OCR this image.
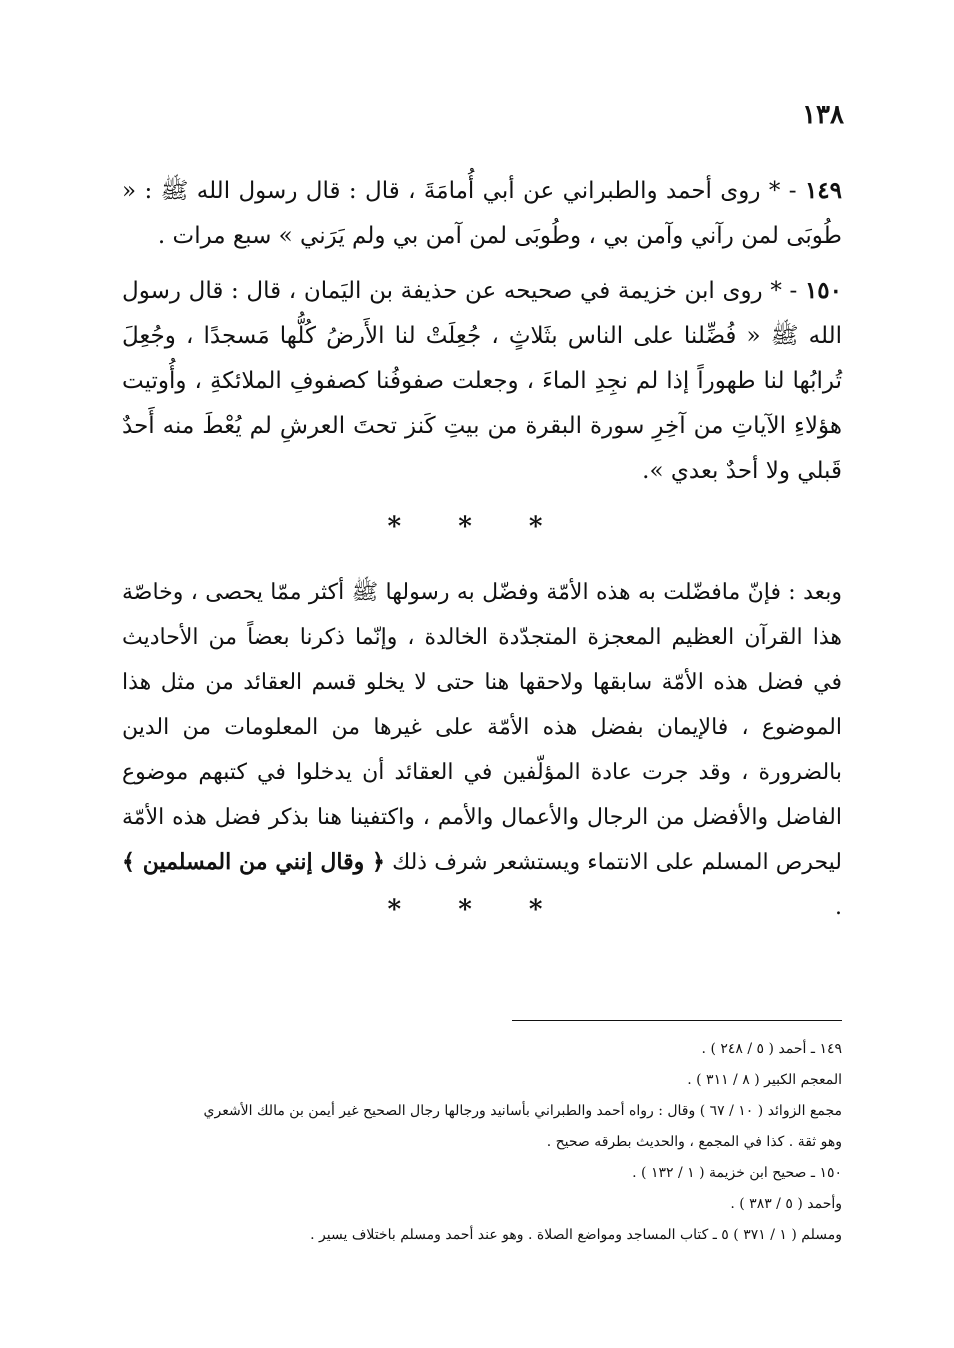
١٣٨

١٤٩ - * روى أحمد والطبراني عن أبي أُمامَةَ ، قال : قال رسول الله ﷺ : « طُوبَى لمن رآني وآمن بي ، وطُوبَى لمن آمن بي ولم يَرَني » سبع مرات .

١٥٠ - * روى ابن خزيمة في صحيحه عن حذيفة بن اليَمان ، قال : قال رسول الله ﷺ « فُضِّلنا على الناس بثَلاثٍ ، جُعِلَتْ لنا الأَرضُ كُلُّها مَسجدًا ، وجُعِلَ تُرابُها لنا طهوراً إذا لم نجِدِ الماءَ ، وجعلت صفوفُنا كصفوفِ الملائكةِ ، وأُوتيت هؤلاءِ الآياتِ من آخِرِ سورة البقرة من بيتِ كَنز تحتَ العرشِ لم يُعْطَ منه أَحدٌ قَبلي ولا أحدٌ بعدي ».

* * *

وبعد : فإنّ مافضّلت به هذه الأمّة وفضّل به رسولها ﷺ أكثر ممّا يحصى ، وخاصّة هذا القرآن العظيم المعجزة المتجدّدة الخالدة ، وإنّما ذكرنا بعضاً من الأحاديث في فضل هذه الأمّة سابقها ولاحقها هنا حتى لا يخلو قسم العقائد من مثل هذا الموضوع ، فالإيمان بفضل هذه الأمّة على غيرها من المعلومات من الدين بالضرورة ، وقد جرت عادة المؤلّفين في العقائد أن يدخلوا في كتبهم موضوع الفاضل والأفضل من الرجال والأعمال والأمم ، واكتفينا هنا بذكر فضل هذه الأمّة ليحرص المسلم على الانتماء ويستشعر شرف ذلك ﴿ وقال إنني من المسلمين ﴾ .

* * *
١٤٩ ـ أحمد ( ٥ / ٢٤٨ ) .
المعجم الكبير ( ٨ / ٣١١ ) .
مجمع الزوائد ( ١٠ / ٦٧ ) وقال : رواه أحمد والطبراني بأسانيد ورجالها رجال الصحيح غير أيمن بن مالك الأشعري
وهو ثقة . كذا في المجمع ، والحديث بطرقه صحيح .
١٥٠ ـ صحيح ابن خزيمة ( ١ / ١٣٢ ) .
وأحمد ( ٥ / ٣٨٣ ) .
ومسلم ( ١ / ٣٧١ ) ٥ ـ كتاب المساجد ومواضع الصلاة . وهو عند أحمد ومسلم باختلاف يسير .
